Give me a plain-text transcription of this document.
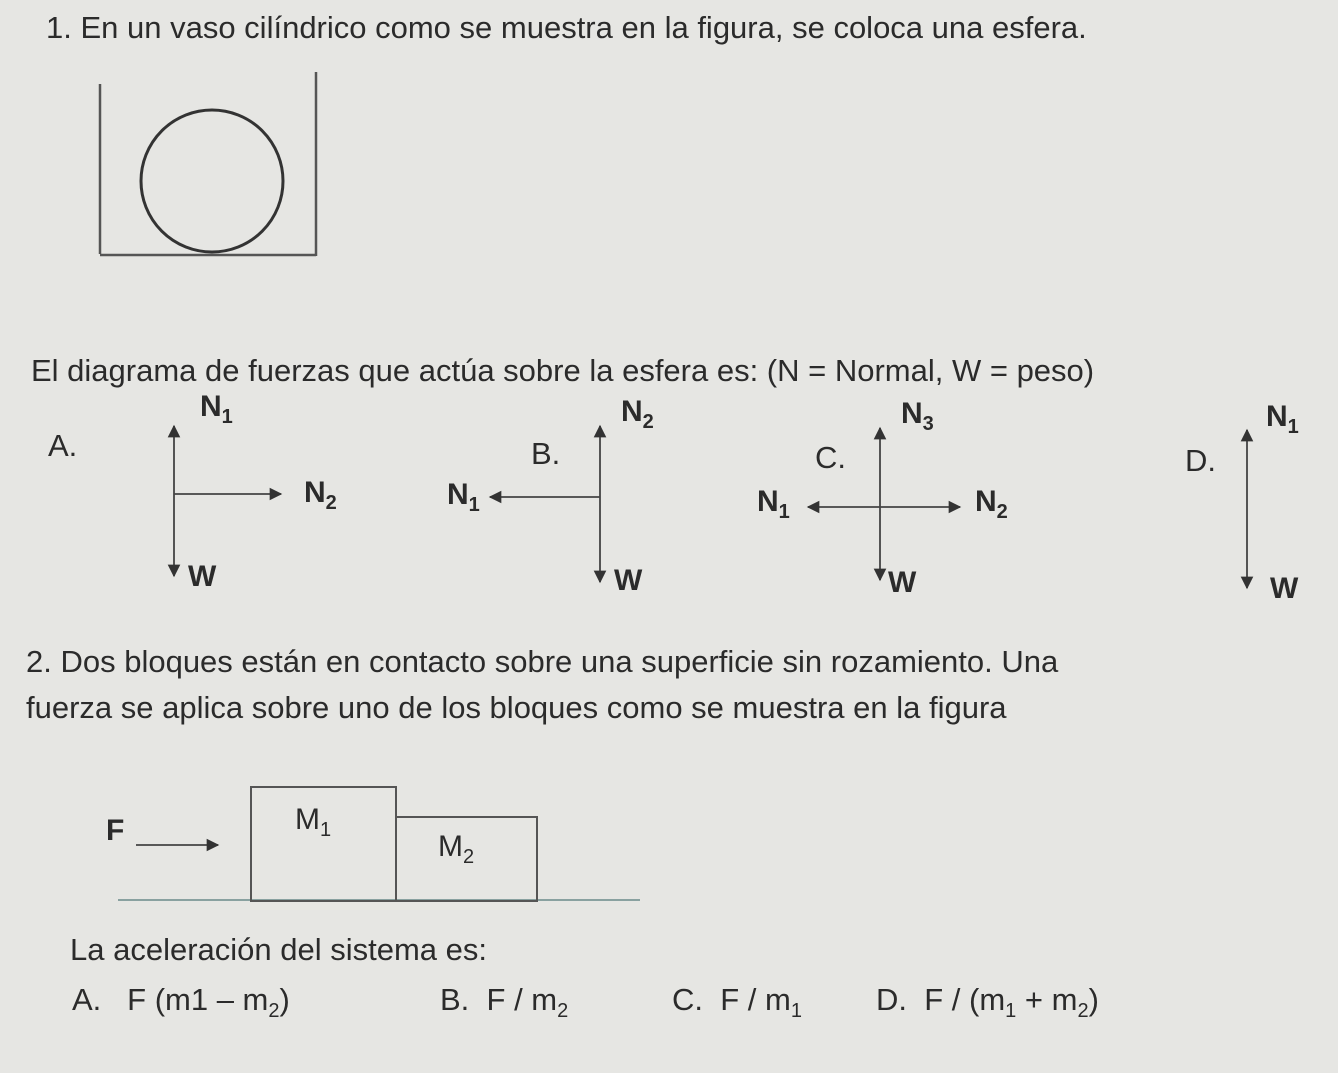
1. En un vaso cilíndrico como se muestra en la figura, se coloca una esfera.
El diagrama de fuerzas que actúa sobre la esfera es: (N = Normal, W = peso)
A.
$N_1$
$N_2$
W
B.
$N_2$
$N_1$
W
C.
$N_3$
$N_1$	$N_2$
W
D.
$N_1$
W
2. Dos bloques están en contacto sobre una superficie sin rozamiento. Una
fuerza se aplica sobre uno de los bloques como se muestra en la figura
F	$M_1$	$M_2$
La aceleración del sistema es:
A. F $(m1 - m_2)$	B. F / $m_2$	C. F / $m_1$ D. $F / (m_1 + m_2)$
